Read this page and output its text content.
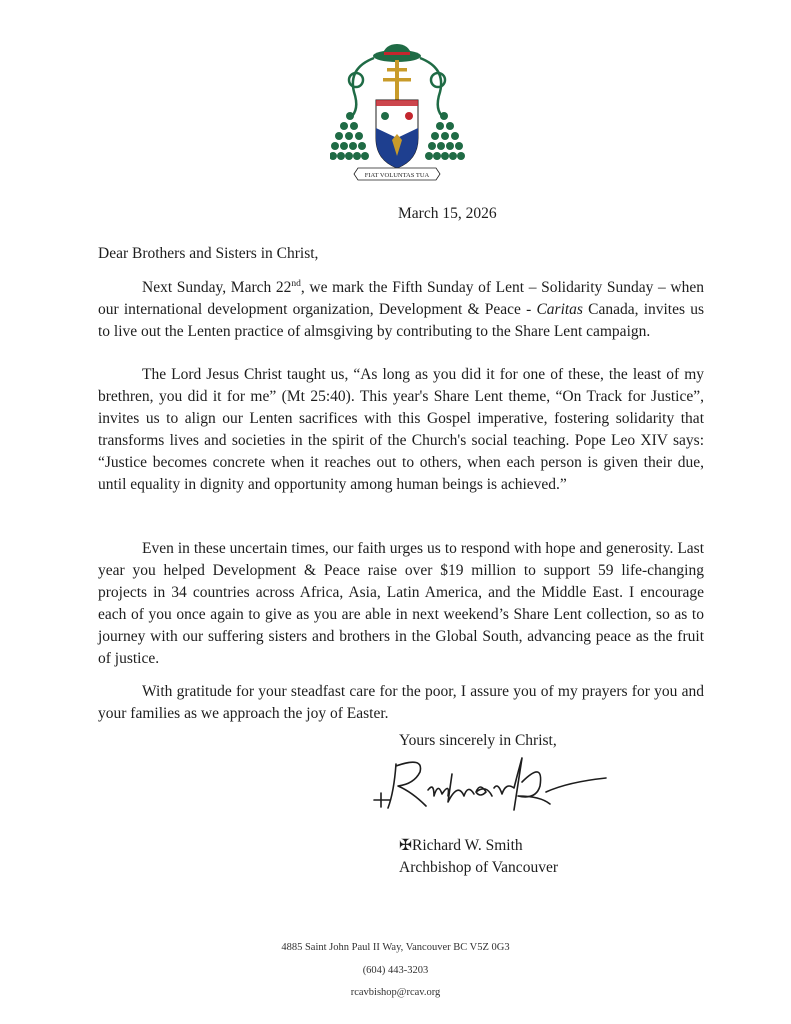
FIAT VOLUNTAS TUA
March 15, 2026
Dear Brothers and Sisters in Christ,

Next Sunday, March 22nd, we mark the Fifth Sunday of Lent – Solidarity Sunday – when our international development organization, Development & Peace - Caritas Canada, invites us to live out the Lenten practice of almsgiving by contributing to the Share Lent campaign.

The Lord Jesus Christ taught us, “As long as you did it for one of these, the least of my brethren, you did it for me” (Mt 25:40). This year's Share Lent theme, “On Track for Justice”, invites us to align our Lenten sacrifices with this Gospel imperative, fostering solidarity that transforms lives and societies in the spirit of the Church's social teaching. Pope Leo XIV says: “Justice becomes concrete when it reaches out to others, when each person is given their due, until equality in dignity and opportunity among human beings is achieved.”

Even in these uncertain times, our faith urges us to respond with hope and generosity. Last year you helped Development & Peace raise over $19 million to support 59 life-changing projects in 34 countries across Africa, Asia, Latin America, and the Middle East. I encourage each of you once again to give as you are able in next weekend’s Share Lent collection, so as to journey with our suffering sisters and brothers in the Global South, advancing peace as the fruit of justice.

With gratitude for your steadfast care for the poor, I assure you of my prayers for you and your families as we approach the joy of Easter.

Yours sincerely in Christ,
✠Richard W. Smith
Archbishop of Vancouver
4885 Saint John Paul II Way, Vancouver BC V5Z 0G3
(604) 443-3203
rcavbishop@rcav.org
